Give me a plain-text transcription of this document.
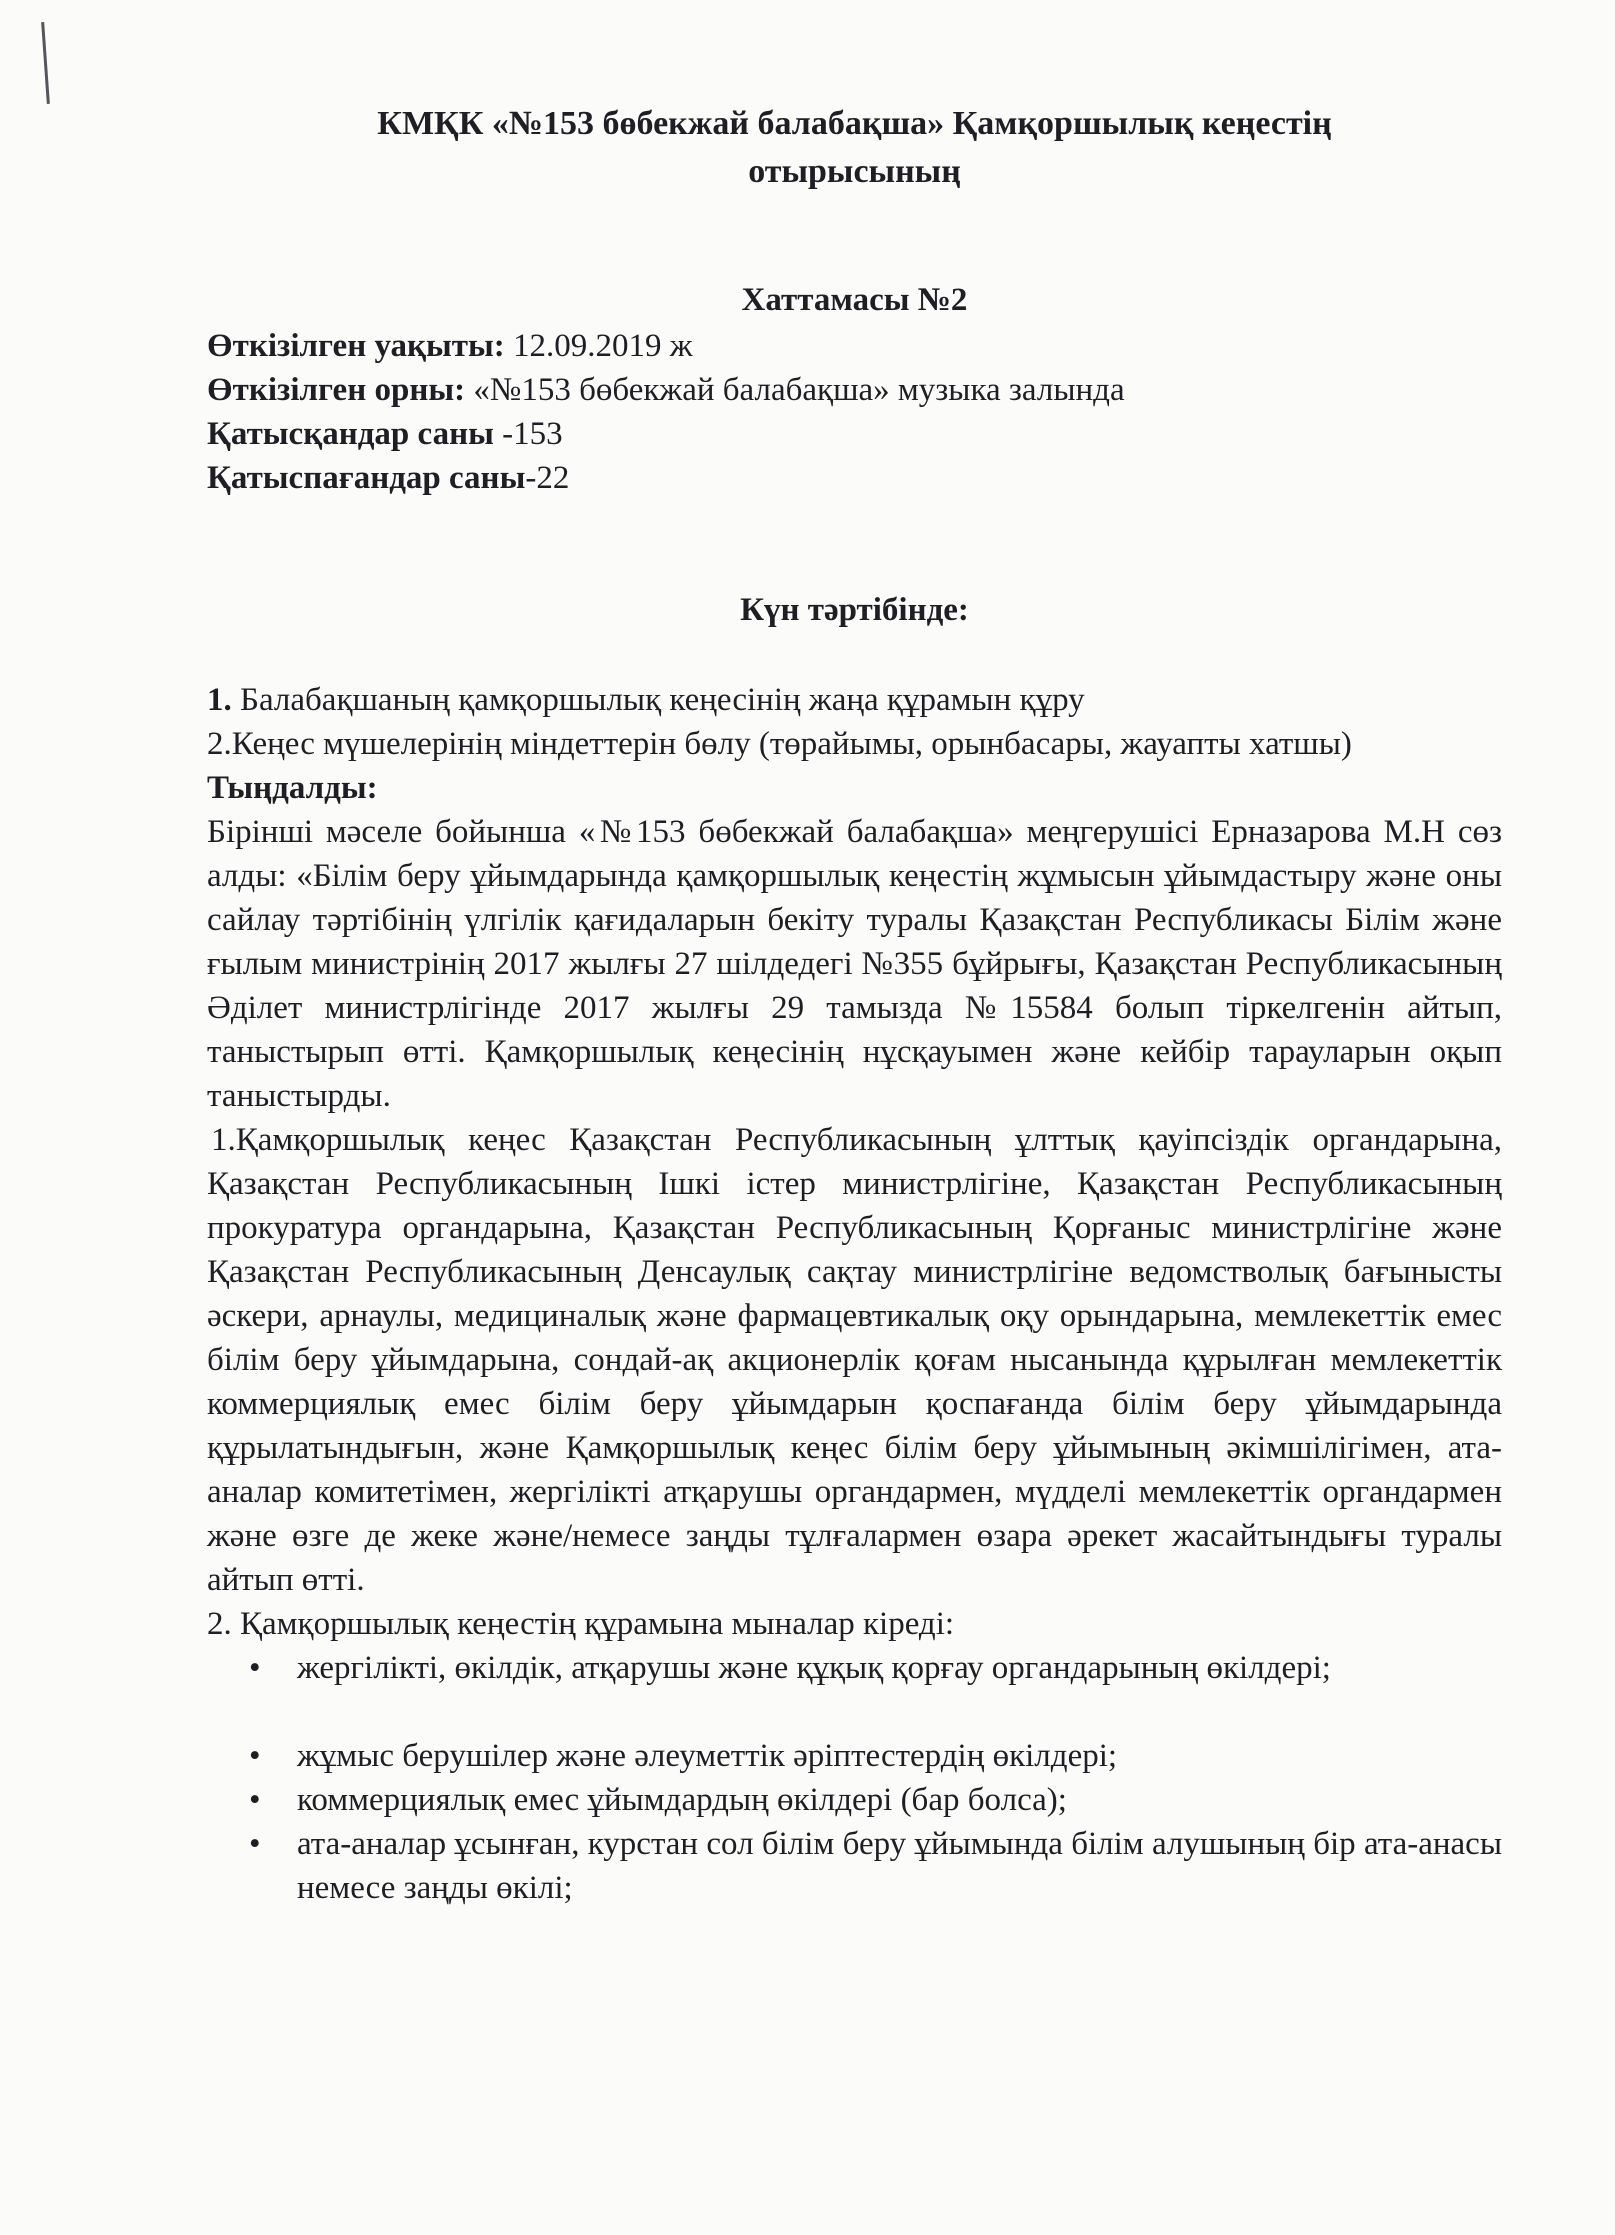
КМҚК «№153 бөбекжай балабақша» Қамқоршылық кеңестің отырысының
Хаттамасы №2
Өткізілген уақыты: 12.09.2019 ж
Өткізілген орны: «№153 бөбекжай балабақша» музыка залында
Қатысқандар саны -153
Қатыспағандар саны-22
Күн тәртібінде:

1. Балабақшаның қамқоршылық кеңесінің жаңа құрамын құру

2.Кеңес мүшелерінің міндеттерін бөлу (төрайымы, орынбасары, жауапты хатшы)

Тыңдалды:

Бірінші мәселе бойынша «№153 бөбекжай балабақша» меңгерушісі Ерназарова М.Н сөз алды: «Білім беру ұйымдарында қамқоршылық кеңестің жұмысын ұйымдастыру және оны сайлау тәртібінің үлгілік қағидаларын бекіту туралы Қазақстан Республикасы Білім және ғылым министрінің 2017 жылғы 27 шілдедегі №355 бұйрығы, Қазақстан Республикасының Әділет министрлігінде 2017 жылғы 29 тамызда №15584 болып тіркелгенін айтып, таныстырып өтті. Қамқоршылық кеңесінің нұсқауымен және кейбір тарауларын оқып таныстырды.

1.Қамқоршылық кеңес Қазақстан Республикасының ұлттық қауіпсіздік органдарына, Қазақстан Республикасының Ішкі істер министрлігіне, Қазақстан Республикасының прокуратура органдарына, Қазақстан Республикасының Қорғаныс министрлігіне және Қазақстан Республикасының Денсаулық сақтау министрлігіне ведомстволық бағынысты әскери, арнаулы, медициналық және фармацевтикалық оқу орындарына, мемлекеттік емес білім беру ұйымдарына, сондай-ақ акционерлік қоғам нысанында құрылған мемлекеттік коммерциялық емес білім беру ұйымдарын қоспағанда білім беру ұйымдарында құрылатындығын, және Қамқоршылық кеңес білім беру ұйымының әкімшілігімен, ата-аналар комитетімен, жергілікті атқарушы органдармен, мүдделі мемлекеттік органдармен және өзге де жеке және/немесе заңды тұлғалармен өзара әрекет жасайтындығы туралы айтып өтті.

2. Қамқоршылық кеңестің құрамына мыналар кіреді:

• жергілікті, өкілдік, атқарушы және құқық қорғау органдарының өкілдері;
• жұмыс берушілер және әлеуметтік әріптестердің өкілдері;
• коммерциялық емес ұйымдардың өкілдері (бар болса);
• ата-аналар ұсынған, курстан сол білім беру ұйымында білім алушының бір ата-анасы немесе заңды өкілі;
